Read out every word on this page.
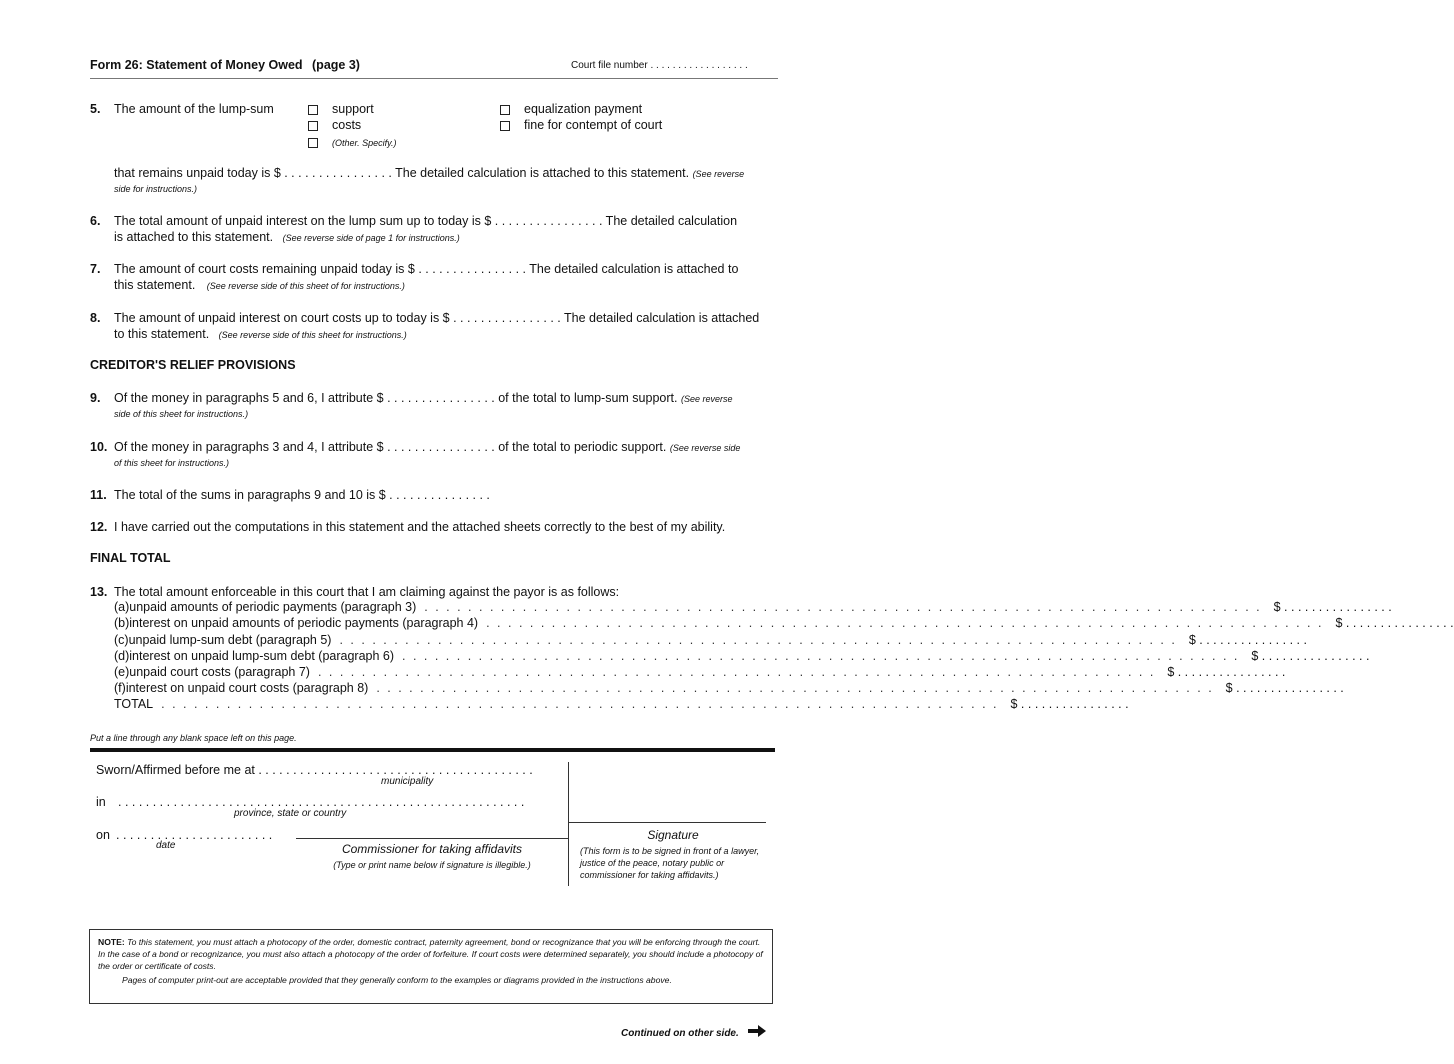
Form 26: Statement of Money Owed (page 3)	Court file number . . . . . . . . . . . . . . . . . .
5. The amount of the lump-sum	support
costs
(Other. Specify.)
equalization payment
fine for contempt of court
that remains unpaid today is $ . . . . . . . . . . . . . . . . The detailed calculation is attached to this statement. (See reverse
side for instructions.)
6. The total amount of unpaid interest on the lump sum up to today is $ . . . . . . . . . . . . . . . . The detailed calculation
is attached to this statement. (See reverse side of page 1 for instructions.)
7. The amount of court costs remaining unpaid today is $ . . . . . . . . . . . . . . . . The detailed calculation is attached to
this statement. (See reverse side of this sheet of for instructions.)
8. The amount of unpaid interest on court costs up to today is $ . . . . . . . . . . . . . . . . The detailed calculation is attached
to this statement. (See reverse side of this sheet for instructions.)
CREDITOR'S RELIEF PROVISIONS
9. Of the money in paragraphs 5 and 6, I attribute $ . . . . . . . . . . . . . . . . of the total to lump-sum support. (See reverse
side of this sheet for instructions.)
10. Of the money in paragraphs 3 and 4, I attribute $ . . . . . . . . . . . . . . . . of the total to periodic support. (See reverse side
of this sheet for instructions.)
11. The total of the sums in paragraphs 9 and 10 is $ . . . . . . . . . . . . . . .
12. I have carried out the computations in this statement and the attached sheets correctly to the best of my ability.
FINAL TOTAL
13. The total amount enforceable in this court that I am claiming against the payor is as follows:
(a) unpaid amounts of periodic payments (paragraph 3) . . . . . . . . . . . . . . . . . . . . . . . . . . . . . . . . . . . . . . . . . . . . . . . . . . . . . . . . . . . . . . . . . . . . . . . . . . . . . $ . . . . . . . . . . . . . . . .
(b) interest on unpaid amounts of periodic payments (paragraph 4) . . . . . . . . . . . . . . . . . . . . . . . . . . . . . . . . . . . . . . . . . . . . . . . . . . . . . . . . . . . . . . . . . . . . . . . . . . . . . $ . . . . . . . . . . . . . . . .
(c) unpaid lump-sum debt (paragraph 5) . . . . . . . . . . . . . . . . . . . . . . . . . . . . . . . . . . . . . . . . . . . . . . . . . . . . . . . . . . . . . . . . . . . . . . . . . . . . . $ . . . . . . . . . . . . . . . .
(d) interest on unpaid lump-sum debt (paragraph 6) . . . . . . . . . . . . . . . . . . . . . . . . . . . . . . . . . . . . . . . . . . . . . . . . . . . . . . . . . . . . . . . . . . . . . . . . . . . . . $ . . . . . . . . . . . . . . . .
(e) unpaid court costs (paragraph 7) . . . . . . . . . . . . . . . . . . . . . . . . . . . . . . . . . . . . . . . . . . . . . . . . . . . . . . . . . . . . . . . . . . . . . . . . . . . . . $ . . . . . . . . . . . . . . . .
(f) interest on unpaid court costs (paragraph 8) . . . . . . . . . . . . . . . . . . . . . . . . . . . . . . . . . . . . . . . . . . . . . . . . . . . . . . . . . . . . . . . . . . . . . . . . . . . . . $ . . . . . . . . . . . . . . . .
TOTAL . . . . . . . . . . . . . . . . . . . . . . . . . . . . . . . . . . . . . . . . . . . . . . . . . . . . . . . . . . . . . . . . . . . . . . . . . . . . . $ . . . . . . . . . . . . . . . .
Put a line through any blank space left on this page.
Sworn/Affirmed before me at . . . . . . . . . . . . . . . . . . . . . . . . . . . . . . . . . . . . . . . .
municipality
in . . . . . . . . . . . . . . . . . . . . . . . . . . . . . . . . . . . . . . . . . . . . . . . . . . . . . . . . . . .
province, state or country
on . . . . . . . . . . . . . . . . . . . . . . .
date	Commissioner for taking affidavits
(Type or print name below if signature is illegible.)
Signature
(This form is to be signed in front of a lawyer, justice of the peace, notary public or commissioner for taking affidavits.)
NOTE: To this statement, you must attach a photocopy of the order, domestic contract, paternity agreement, bond or recognizance that you will be enforcing through the court. In the case of a bond or recognizance, you must also attach a photocopy of the order of forfeiture. If court costs were determined separately, you should include a photocopy of the order or certificate of costs.
Pages of computer print-out are acceptable provided that they generally conform to the examples or diagrams provided in the instructions above.
Continued on other side.
